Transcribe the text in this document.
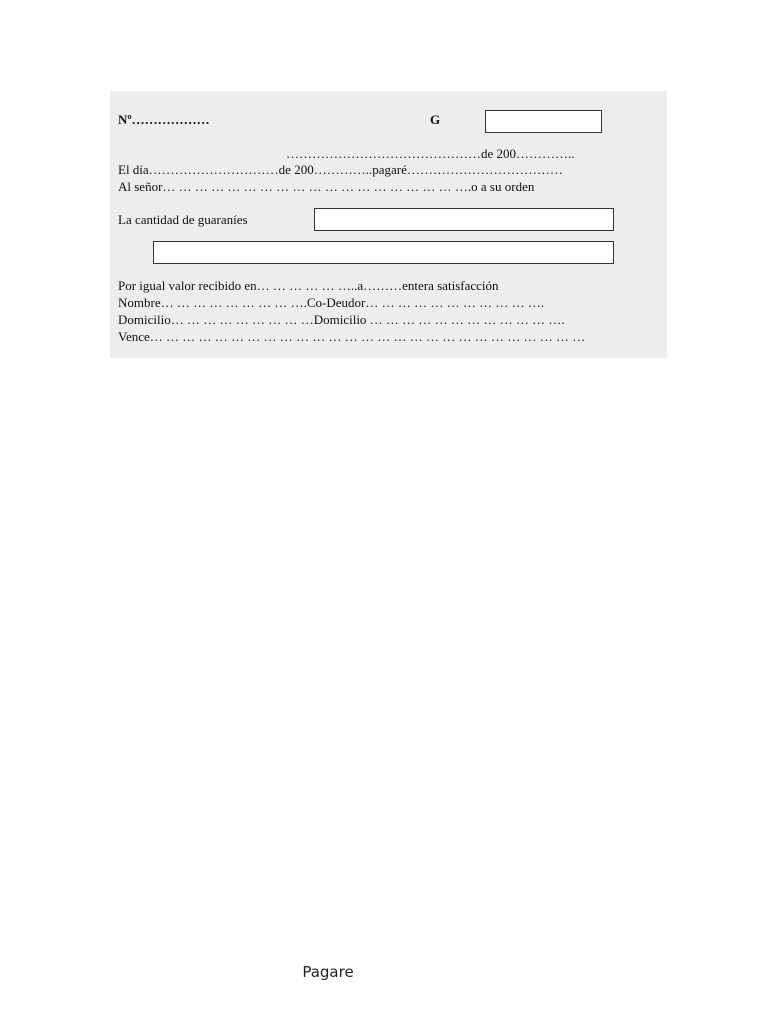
Nº………………	G
………………………………………de 200…………..
El día…………………………de 200…………..pagaré………………………………
Al señor… … … … … … … … … … … … … … … … … … ….o a su orden
La cantidad de guaraníes
Por igual valor recibido en… … … … … …..a………entera satisfacción
Nombre… … … … … … … … ….Co-Deudor… … … … … … … … … … ….
Domicilio… … … … … … … … …Domicilio … … … … … … … … … … … ….
Vence… … … … … … … … … … … … … … … … … … … … … … … … … … …
Pagare
